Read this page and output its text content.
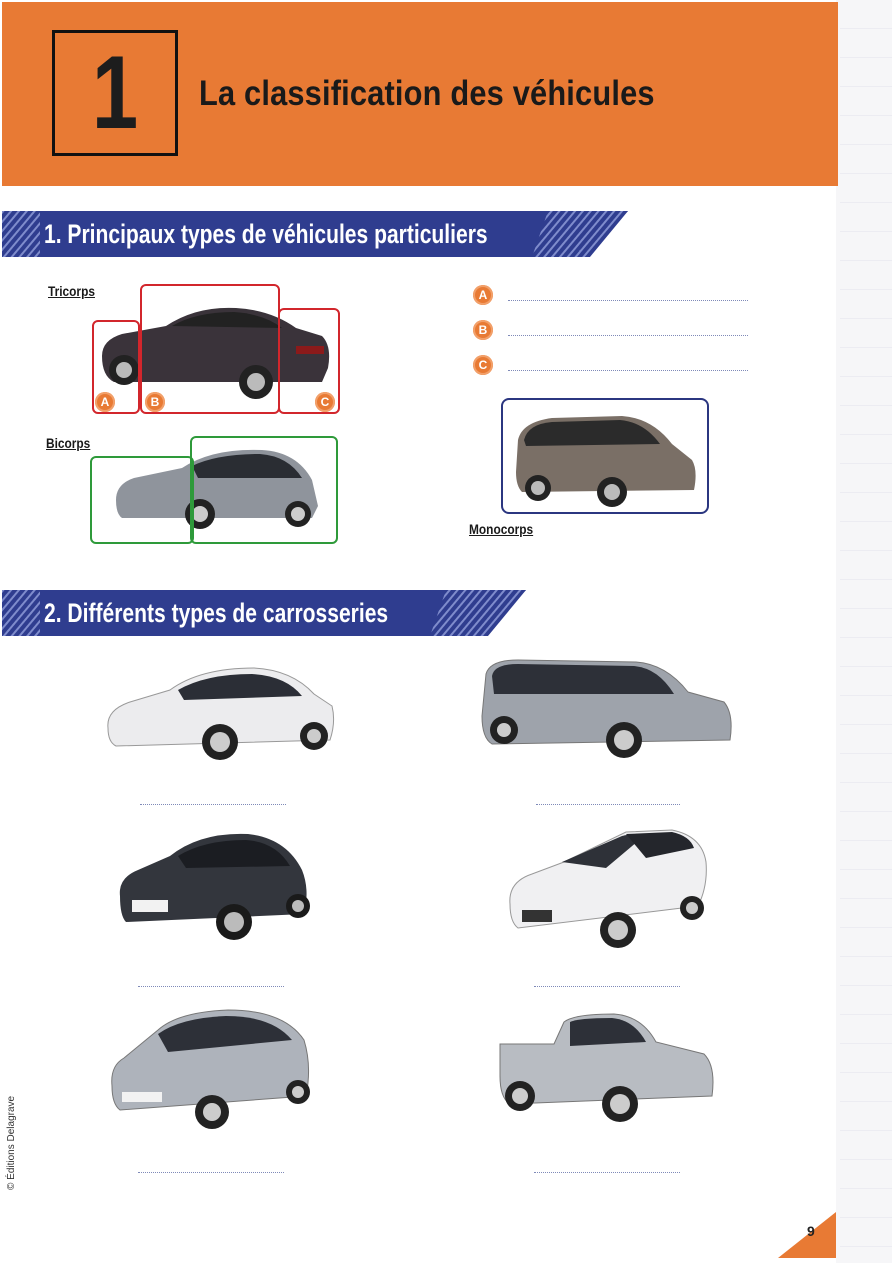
1	La classification des véhicules
1. Principaux types de véhicules particuliers
Tricorps
A	B	C
A
B
C
Bicorps
Monocorps
2. Différents types de carrosseries
© Éditions Delagrave
9
